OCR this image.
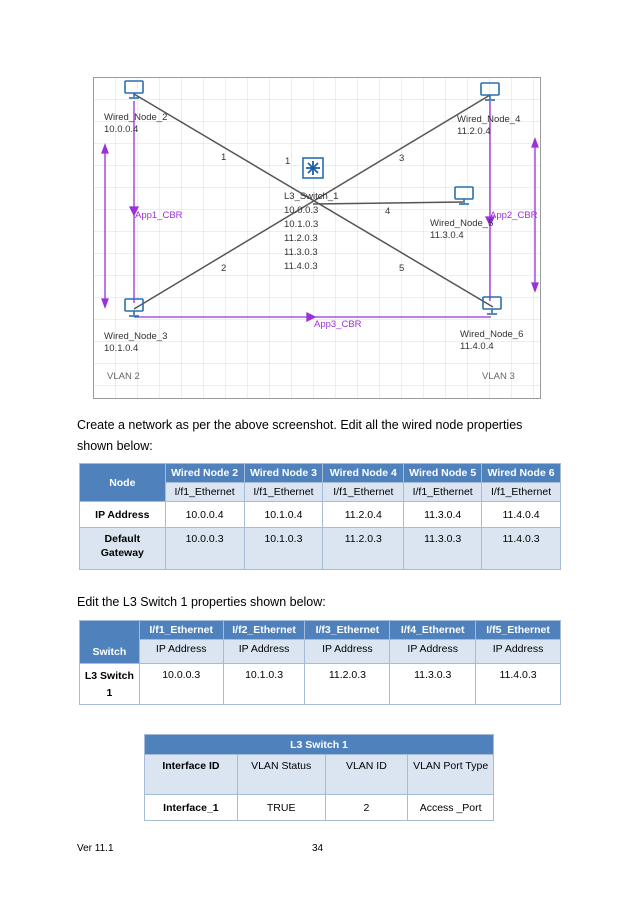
Wired_Node_2
10.0.0.4
Wired_Node_4
11.2.0.4
Wired_Node_5
11.3.0.4
Wired_Node_3
10.1.0.4
Wired_Node_6
11.4.0.4
L3_Switch_1
10.0.0.3
10.1.0.3
11.2.0.3
11.3.0.3
11.4.0.3
1	1	3
4
2	5
VLAN 2	VLAN 3
App1_CBR	App2_CBR
App3_CBR
Create a network as per the above screenshot. Edit all the wired node properties shown below:
Node	Wired Node 2	Wired Node 3	Wired Node 4	Wired Node 5	Wired Node 6
	I/f1_Ethernet	I/f1_Ethernet	I/f1_Ethernet	I/f1_Ethernet	I/f1_Ethernet
IP Address	10.0.0.4	10.1.0.4	11.2.0.4	11.3.0.4	11.4.0.4
Default Gateway	10.0.0.3	10.1.0.3	11.2.0.3	11.3.0.3	11.4.0.3
Edit the L3 Switch 1 properties shown below:
Switch	I/f1_Ethernet	I/f2_Ethernet	I/f3_Ethernet	I/f4_Ethernet	I/f5_Ethernet
	IP Address	IP Address	IP Address	IP Address	IP Address
L3 Switch 1	10.0.0.3	10.1.0.3	11.2.0.3	11.3.0.3	11.4.0.3
L3 Switch 1			
Interface ID	VLAN Status	VLAN ID	VLAN Port Type
Interface_1	TRUE	2	Access _Port
Ver 11.1	34
